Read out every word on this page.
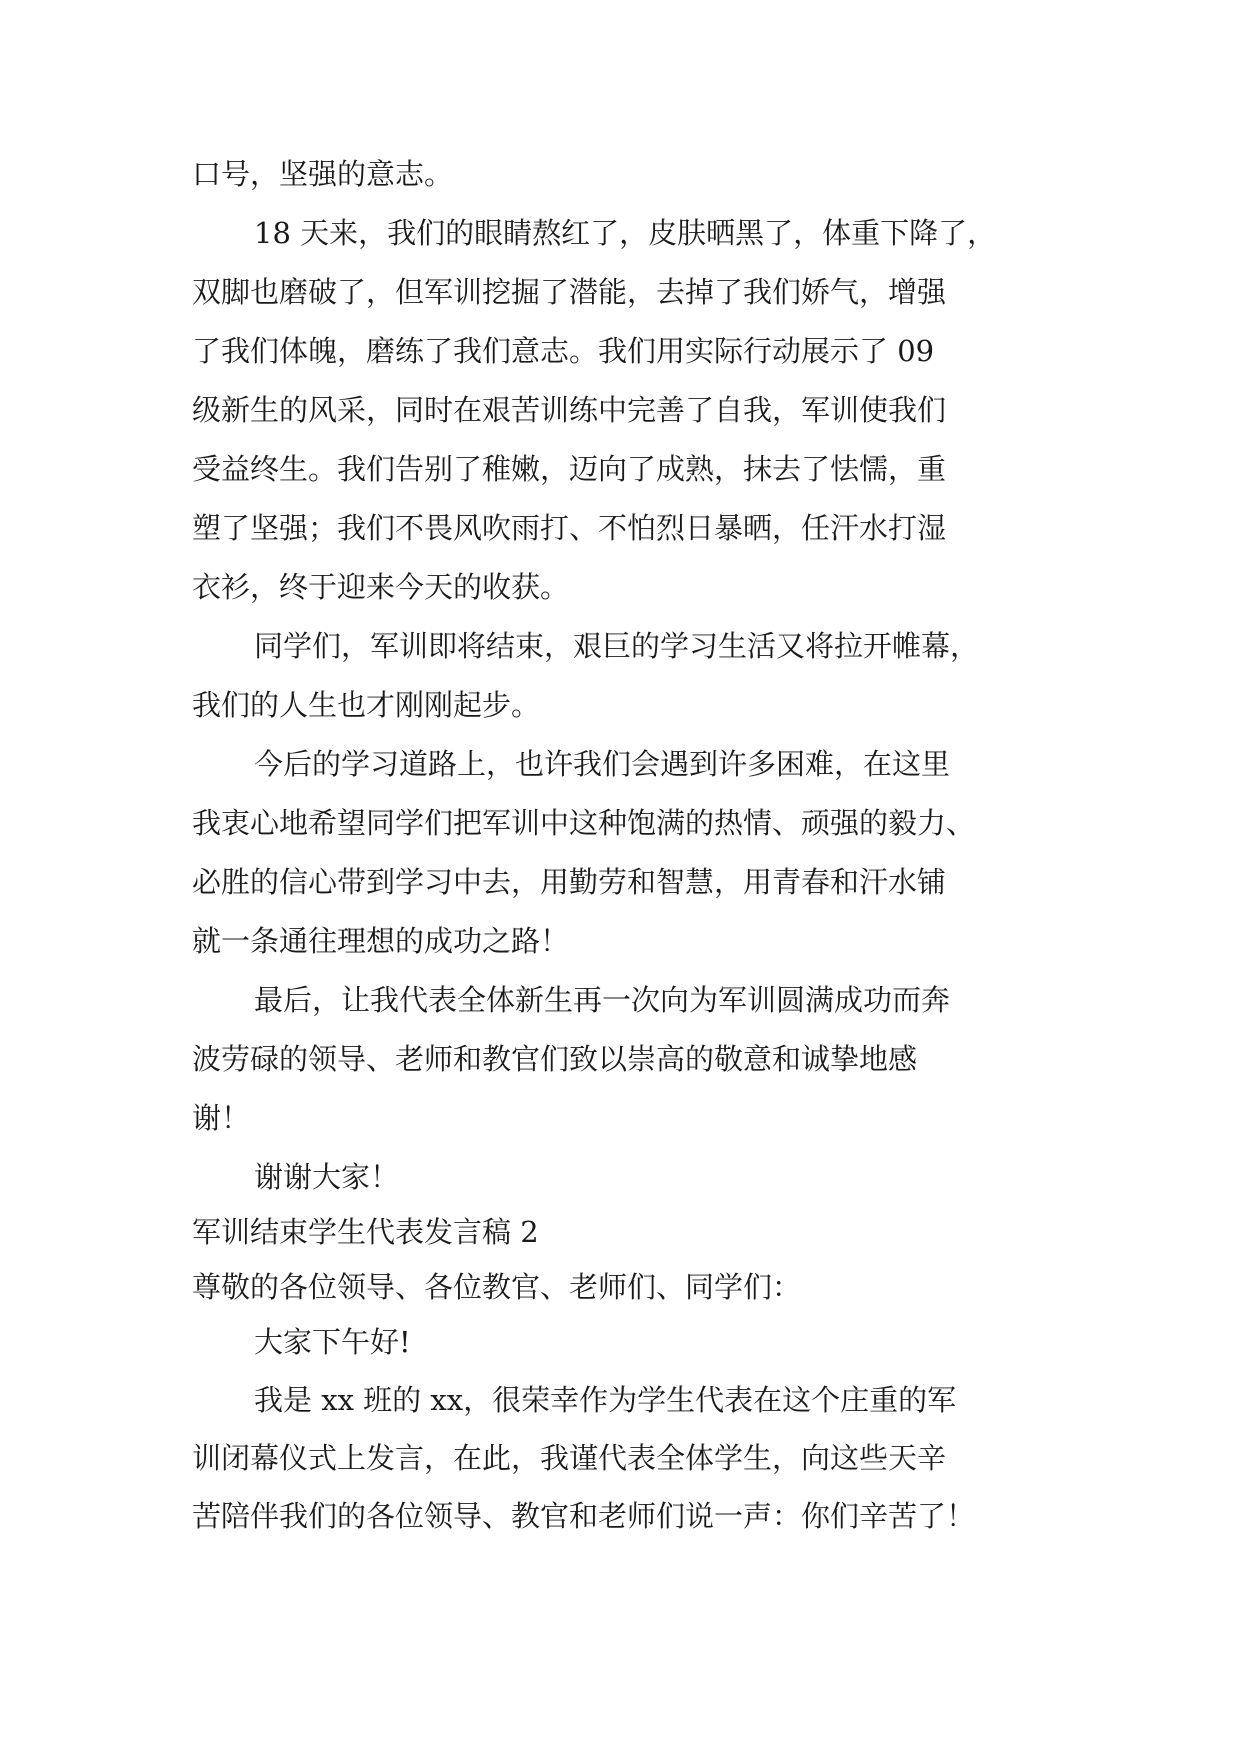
口号，坚强的意志。
18 天来，我们的眼睛熬红了，皮肤晒黑了，体重下降了，
双脚也磨破了，但军训挖掘了潜能，去掉了我们娇气，增强
了我们体魄，磨练了我们意志。我们用实际行动展示了 09
级新生的风采，同时在艰苦训练中完善了自我，军训使我们
受益终生。我们告别了稚嫩，迈向了成熟，抹去了怯懦，重
塑了坚强；我们不畏风吹雨打、不怕烈日暴晒，任汗水打湿
衣衫，终于迎来今天的收获。
同学们，军训即将结束，艰巨的学习生活又将拉开帷幕，
我们的人生也才刚刚起步。
今后的学习道路上，也许我们会遇到许多困难，在这里
我衷心地希望同学们把军训中这种饱满的热情、顽强的毅力、
必胜的信心带到学习中去，用勤劳和智慧，用青春和汗水铺
就一条通往理想的成功之路！
最后，让我代表全体新生再一次向为军训圆满成功而奔
波劳碌的领导、老师和教官们致以崇高的敬意和诚挚地感
谢！
谢谢大家！
军训结束学生代表发言稿 2
尊敬的各位领导、各位教官、老师们、同学们：
大家下午好!
我是 xx 班的 xx，很荣幸作为学生代表在这个庄重的军
训闭幕仪式上发言，在此，我谨代表全体学生，向这些天辛
苦陪伴我们的各位领导、教官和老师们说一声：你们辛苦了！
